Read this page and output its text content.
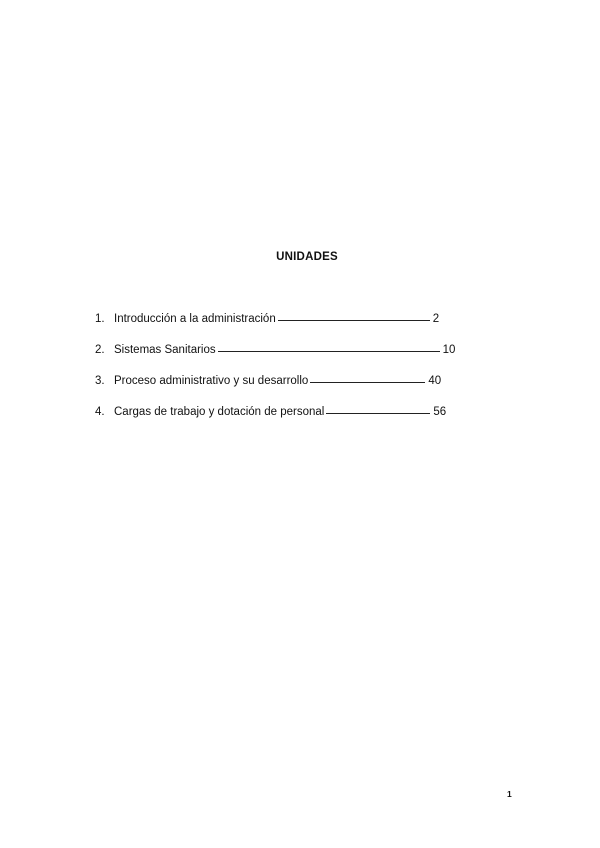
UNIDADES
1. Introducción a la administración	2
2. Sistemas Sanitarios	10
3. Proceso administrativo y su desarrollo	40
4. Cargas de trabajo y dotación de personal	56
1
